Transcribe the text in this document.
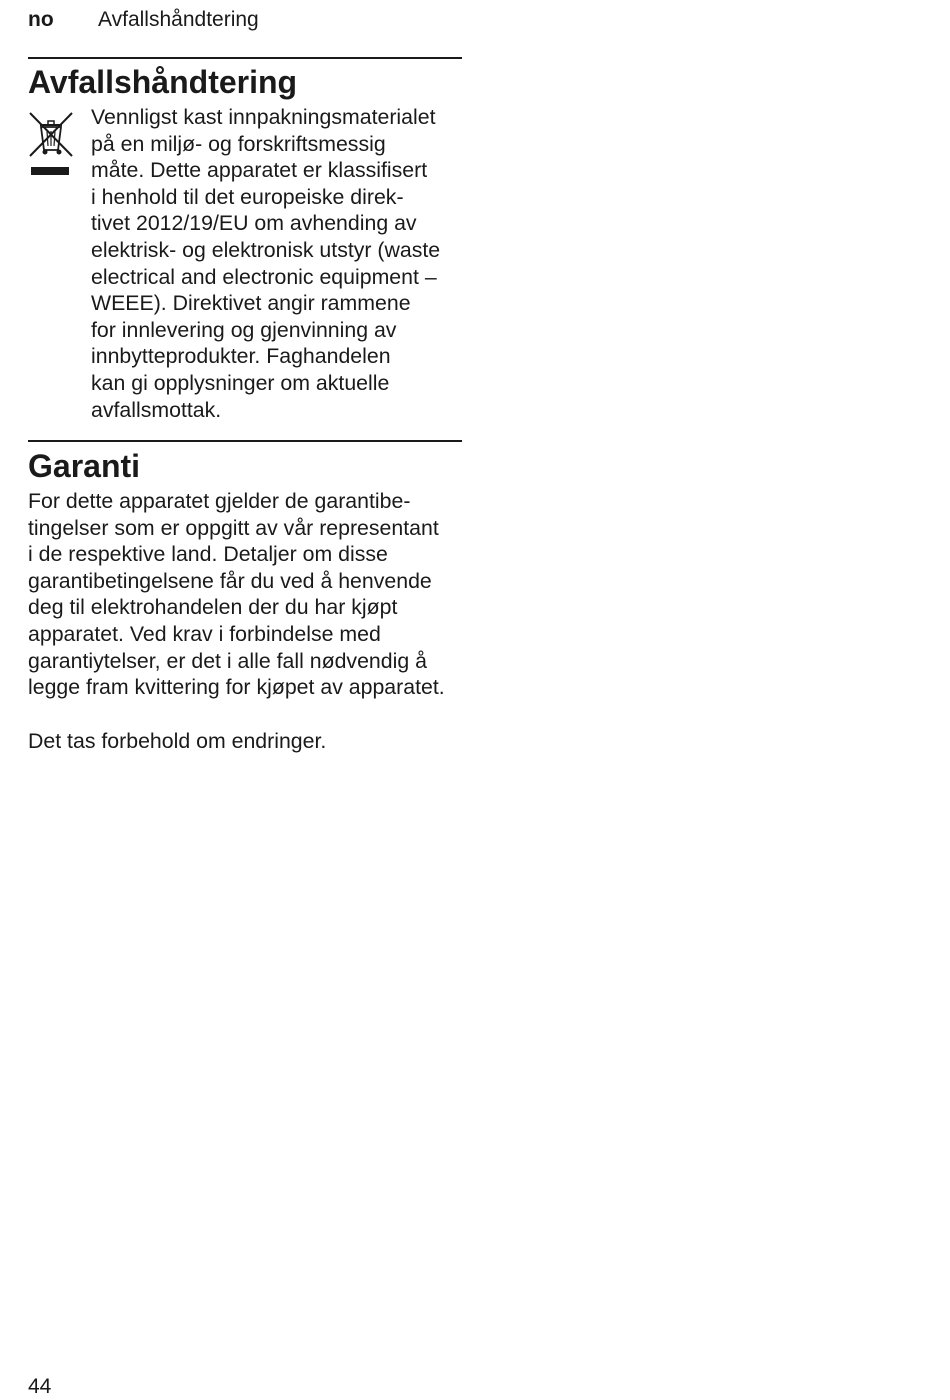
no Avfallshåndtering
Avfallshåndtering

Vennligst kast innpakningsmaterialet
på en miljø- og forskriftsmessig
måte. Dette apparatet er klassifisert
i henhold til det europeiske direk-
tivet 2012/19/EU om avhending av
elektrisk- og elektronisk utstyr (waste
electrical and electronic equipment –
WEEE). Direktivet angir rammene
for innlevering og gjenvinning av
innbytteprodukter. Faghandelen
kan gi opplysninger om aktuelle
avfallsmottak.

Garanti

For dette apparatet gjelder de garantibe-
tingelser som er oppgitt av vår representant
i de respektive land. Detaljer om disse
garantibetingelsene får du ved å henvende
deg til elektrohandelen der du har kjøpt
apparatet. Ved krav i forbindelse med
garantiytelser, er det i alle fall nødvendig å
legge fram kvittering for kjøpet av apparatet.

Det tas forbehold om endringer.

44
